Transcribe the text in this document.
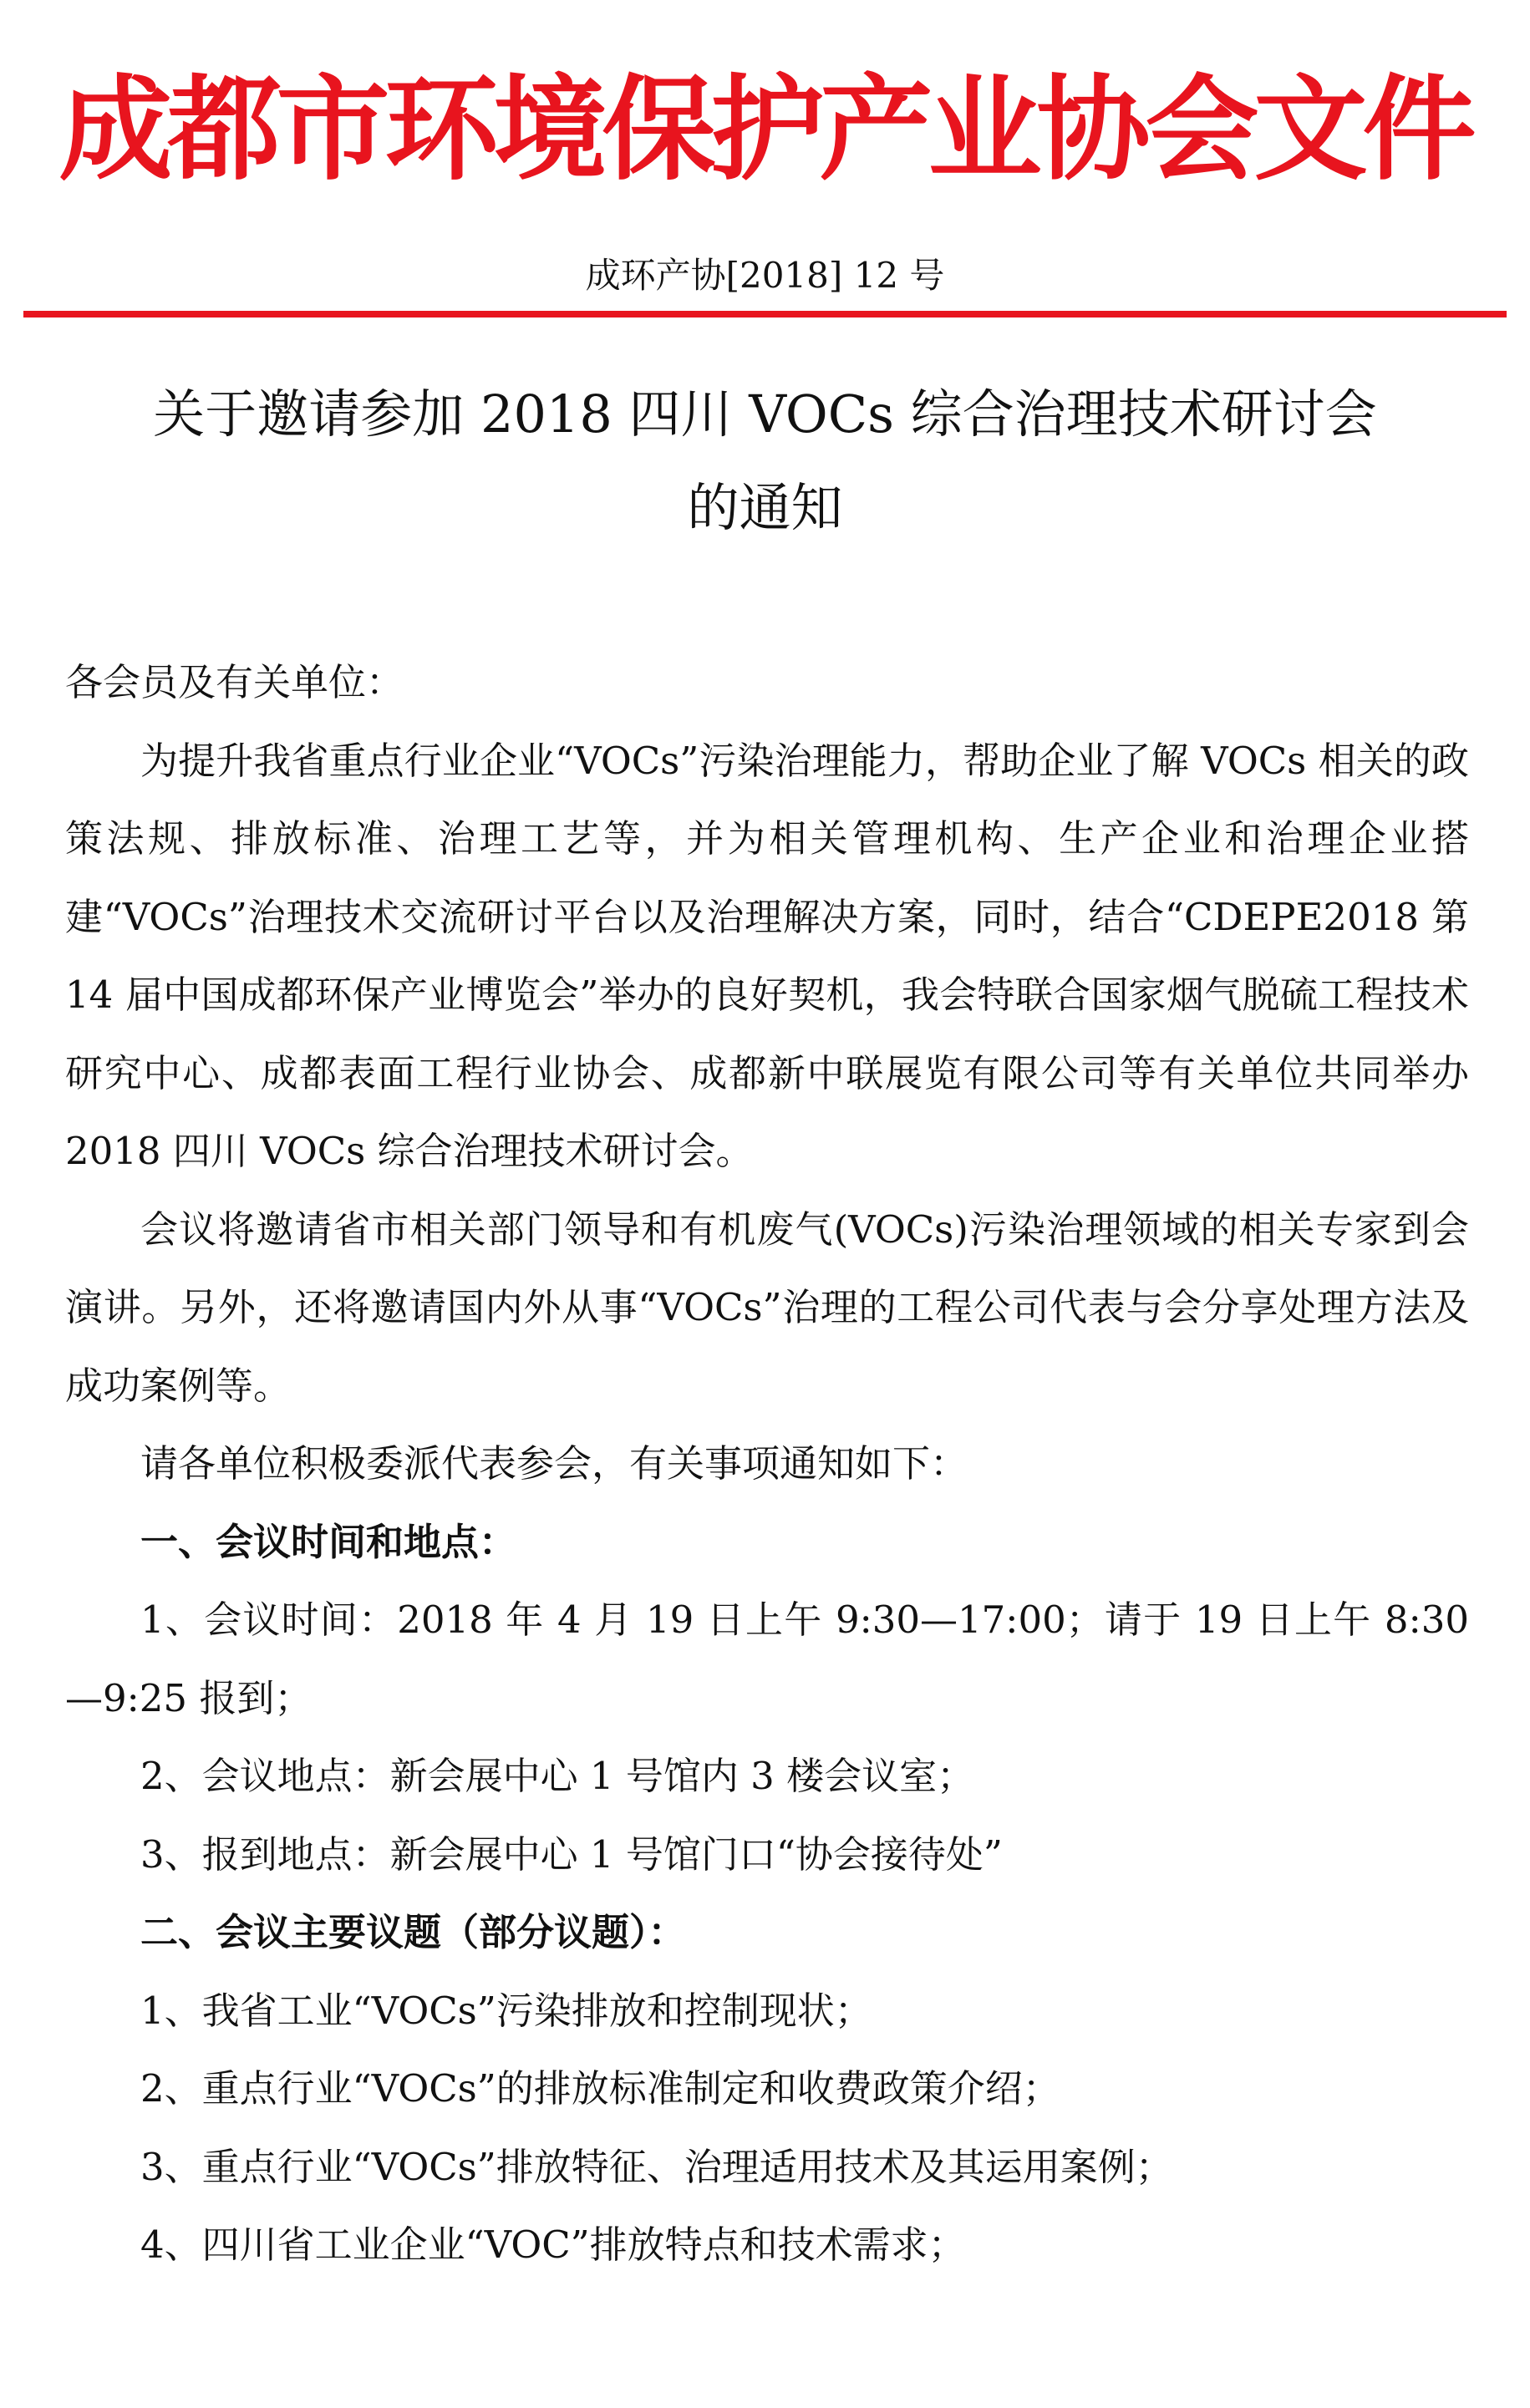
成都市环境保护产业协会文件
成环产协[2018] 12 号
关于邀请参加 2018 四川 VOCs 综合治理技术研讨会
的通知

各会员及有关单位：

为提升我省重点行业企业“VOCs”污染治理能力，帮助企业了解 VOCs 相关的政策法规、排放标准、治理工艺等，并为相关管理机构、生产企业和治理企业搭建“VOCs”治理技术交流研讨平台以及治理解决方案，同时，结合“CDEPE2018 第 14 届中国成都环保产业博览会”举办的良好契机，我会特联合国家烟气脱硫工程技术研究中心、成都表面工程行业协会、成都新中联展览有限公司等有关单位共同举办 2018 四川 VOCs 综合治理技术研讨会。

会议将邀请省市相关部门领导和有机废气(VOCs)污染治理领域的相关专家到会演讲。另外，还将邀请国内外从事“VOCs”治理的工程公司代表与会分享处理方法及成功案例等。

请各单位积极委派代表参会，有关事项通知如下：

一、会议时间和地点：

1、会议时间：2018 年 4 月 19 日上午 9:30—17:00；请于 19 日上午 8:30—9:25 报到；

2、会议地点：新会展中心 1 号馆内 3 楼会议室；

3、报到地点：新会展中心 1 号馆门口“协会接待处”

二、会议主要议题（部分议题）：

1、我省工业“VOCs”污染排放和控制现状；

2、重点行业“VOCs”的排放标准制定和收费政策介绍；

3、重点行业“VOCs”排放特征、治理适用技术及其运用案例；

4、四川省工业企业“VOC”排放特点和技术需求；
